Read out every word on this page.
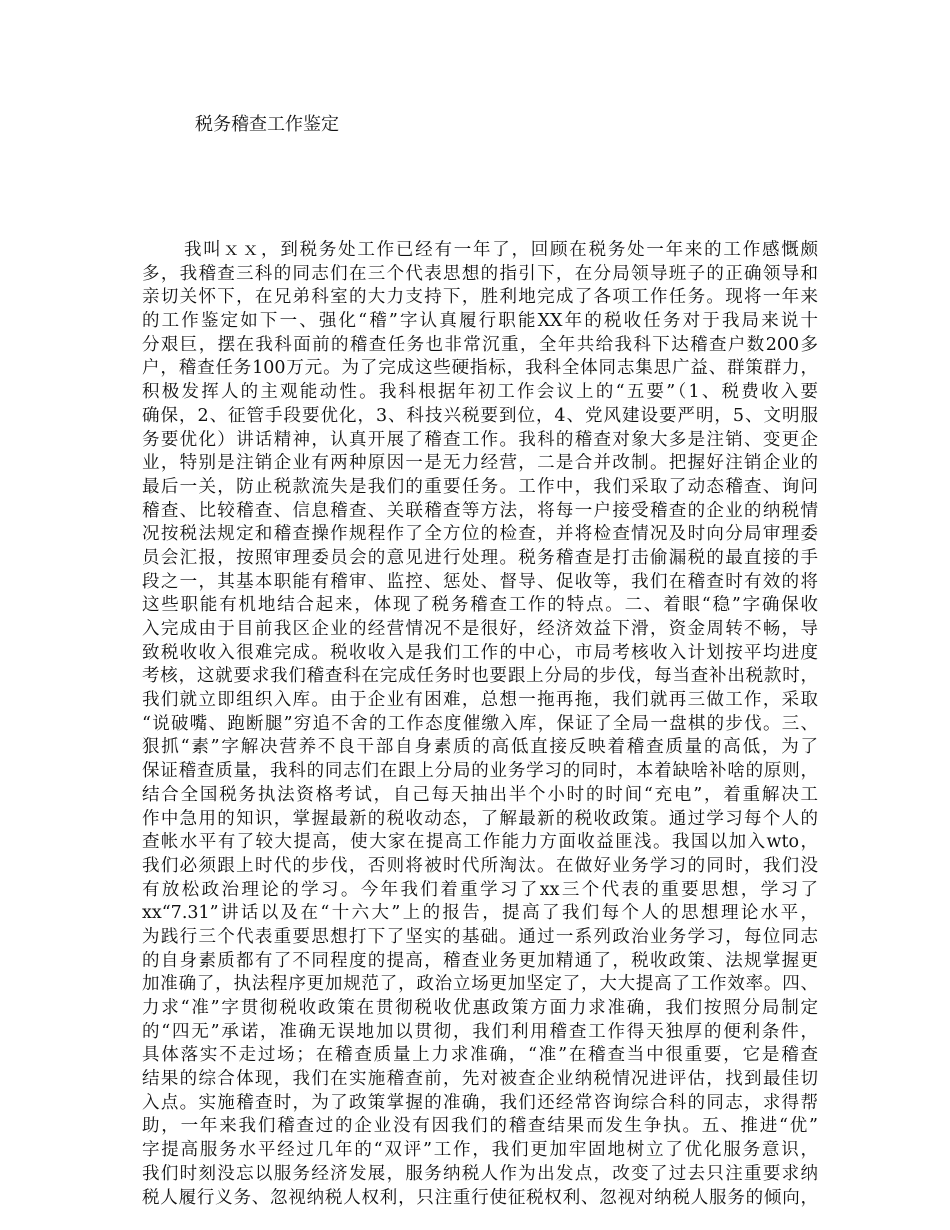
税务稽查工作鉴定
我叫ｘｘ，到税务处工作已经有一年了，回顾在税务处一年来的工作感慨颇
多，我稽查三科的同志们在三个代表思想的指引下，在分局领导班子的正确领导和
亲切关怀下，在兄弟科室的大力支持下，胜利地完成了各项工作任务。现将一年来
的工作鉴定如下一、强化“稽”字认真履行职能XX年的税收任务对于我局来说十
分艰巨，摆在我科面前的稽查任务也非常沉重，全年共给我科下达稽查户数200多
户，稽查任务100万元。为了完成这些硬指标，我科全体同志集思广益、群策群力，
积极发挥人的主观能动性。我科根据年初工作会议上的“五要”（1、税费收入要
确保，2、征管手段要优化，3、科技兴税要到位，4、党风建设要严明，5、文明服
务要优化）讲话精神，认真开展了稽查工作。我科的稽查对象大多是注销、变更企
业，特别是注销企业有两种原因一是无力经营，二是合并改制。把握好注销企业的
最后一关，防止税款流失是我们的重要任务。工作中，我们采取了动态稽查、询问
稽查、比较稽查、信息稽查、关联稽查等方法，将每一户接受稽查的企业的纳税情
况按税法规定和稽查操作规程作了全方位的检查，并将检查情况及时向分局审理委
员会汇报，按照审理委员会的意见进行处理。税务稽查是打击偷漏税的最直接的手
段之一，其基本职能有稽审、监控、惩处、督导、促收等，我们在稽查时有效的将
这些职能有机地结合起来，体现了税务稽查工作的特点。二、着眼“稳”字确保收
入完成由于目前我区企业的经营情况不是很好，经济效益下滑，资金周转不畅，导
致税收收入很难完成。税收收入是我们工作的中心，市局考核收入计划按平均进度
考核，这就要求我们稽查科在完成任务时也要跟上分局的步伐，每当查补出税款时，
我们就立即组织入库。由于企业有困难，总想一拖再拖，我们就再三做工作，采取
“说破嘴、跑断腿”穷追不舍的工作态度催缴入库，保证了全局一盘棋的步伐。三、
狠抓“素”字解决营养不良干部自身素质的高低直接反映着稽查质量的高低，为了
保证稽查质量，我科的同志们在跟上分局的业务学习的同时，本着缺啥补啥的原则，
结合全国税务执法资格考试，自己每天抽出半个小时的时间“充电”，着重解决工
作中急用的知识，掌握最新的税收动态，了解最新的税收政策。通过学习每个人的
查帐水平有了较大提高，使大家在提高工作能力方面收益匪浅。我国以加入wto，
我们必须跟上时代的步伐，否则将被时代所淘汰。在做好业务学习的同时，我们没
有放松政治理论的学习。今年我们着重学习了xx三个代表的重要思想，学习了
xx“7.31”讲话以及在“十六大”上的报告，提高了我们每个人的思想理论水平，
为践行三个代表重要思想打下了坚实的基础。通过一系列政治业务学习，每位同志
的自身素质都有了不同程度的提高，稽查业务更加精通了，税收政策、法规掌握更
加准确了，执法程序更加规范了，政治立场更加坚定了，大大提高了工作效率。四、
力求“准”字贯彻税收政策在贯彻税收优惠政策方面力求准确，我们按照分局制定
的“四无”承诺，准确无误地加以贯彻，我们利用稽查工作得天独厚的便利条件，
具体落实不走过场；在稽查质量上力求准确，“准”在稽查当中很重要，它是稽查
结果的综合体现，我们在实施稽查前，先对被查企业纳税情况进评估，找到最佳切
入点。实施稽查时，为了政策掌握的准确，我们还经常咨询综合科的同志，求得帮
助，一年来我们稽查过的企业没有因我们的稽查结果而发生争执。五、推进“优”
字提高服务水平经过几年的“双评”工作，我们更加牢固地树立了优化服务意识，
我们时刻没忘以服务经济发展，服务纳税人作为出发点，改变了过去只注重要求纳
税人履行义务、忽视纳税人权利，只注重行使征税权利、忽视对纳税人服务的倾向，
